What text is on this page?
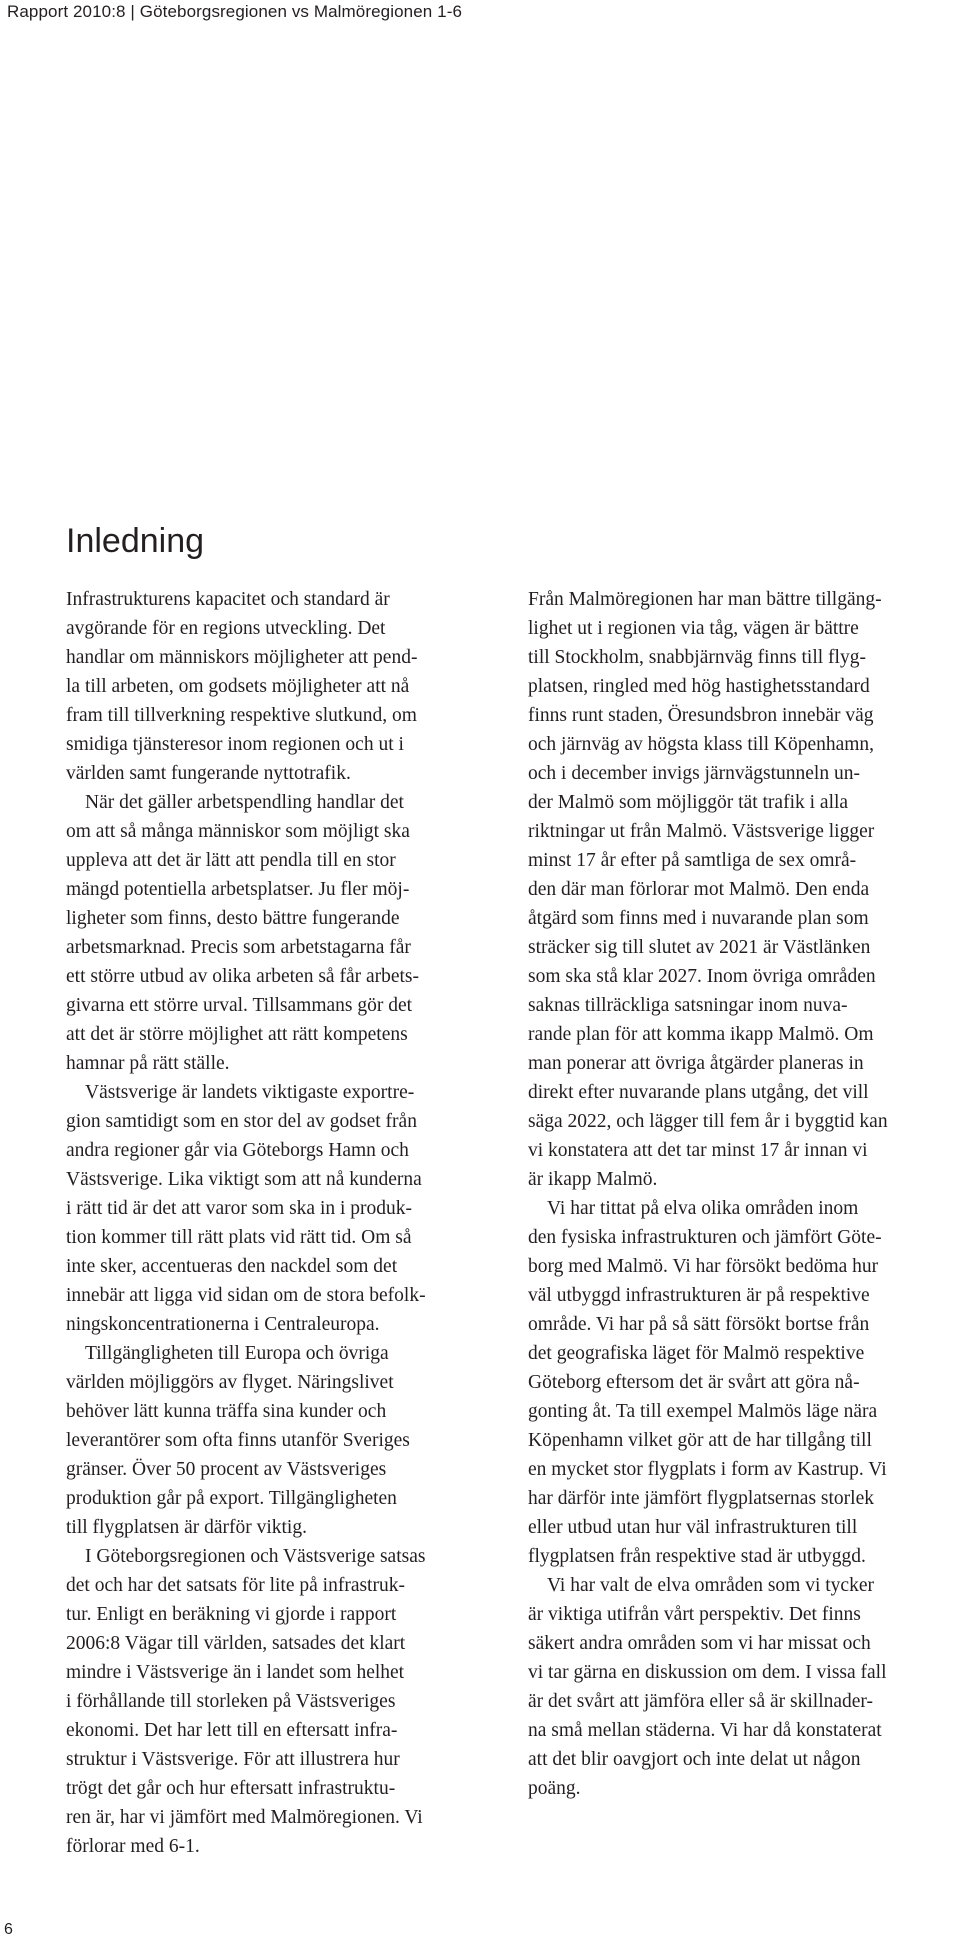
Rapport 2010:8 | Göteborgsregionen vs Malmöregionen 1-6
Inledning
Infrastrukturens kapacitet och standard är
avgörande för en regions utveckling. Det
handlar om människors möjligheter att pend-
la till arbeten, om godsets möjligheter att nå
fram till tillverkning respektive slutkund, om
smidiga tjänsteresor inom regionen och ut i
världen samt fungerande nyttotrafik.
När det gäller arbetspendling handlar det
om att så många människor som möjligt ska
uppleva att det är lätt att pendla till en stor
mängd potentiella arbetsplatser. Ju fler möj-
ligheter som finns, desto bättre fungerande
arbetsmarknad. Precis som arbetstagarna får
ett större utbud av olika arbeten så får arbets-
givarna ett större urval. Tillsammans gör det
att det är större möjlighet att rätt kompetens
hamnar på rätt ställe.
Västsverige är landets viktigaste exportre-
gion samtidigt som en stor del av godset från
andra regioner går via Göteborgs Hamn och
Västsverige. Lika viktigt som att nå kunderna
i rätt tid är det att varor som ska in i produk-
tion kommer till rätt plats vid rätt tid. Om så
inte sker, accentueras den nackdel som det
innebär att ligga vid sidan om de stora befolk-
ningskoncentrationerna i Centraleuropa.
Tillgängligheten till Europa och övriga
världen möjliggörs av flyget. Näringslivet
behöver lätt kunna träffa sina kunder och
leverantörer som ofta finns utanför Sveriges
gränser. Över 50 procent av Västsveriges
produktion går på export. Tillgängligheten
till flygplatsen är därför viktig.
I Göteborgsregionen och Västsverige satsas
det och har det satsats för lite på infrastruk-
tur. Enligt en beräkning vi gjorde i rapport
2006:8 Vägar till världen, satsades det klart
mindre i Västsverige än i landet som helhet
i förhållande till storleken på Västsveriges
ekonomi. Det har lett till en eftersatt infra-
struktur i Västsverige. För att illustrera hur
trögt det går och hur eftersatt infrastruktu-
ren är, har vi jämfört med Malmöregionen. Vi
förlorar med 6-1.
Från Malmöregionen har man bättre tillgäng-
lighet ut i regionen via tåg, vägen är bättre
till Stockholm, snabbjärnväg finns till flyg-
platsen, ringled med hög hastighetsstandard
finns runt staden, Öresundsbron innebär väg
och järnväg av högsta klass till Köpenhamn,
och i december invigs järnvägstunneln un-
der Malmö som möjliggör tät trafik i alla
riktningar ut från Malmö. Västsverige ligger
minst 17 år efter på samtliga de sex områ-
den där man förlorar mot Malmö. Den enda
åtgärd som finns med i nuvarande plan som
sträcker sig till slutet av 2021 är Västlänken
som ska stå klar 2027. Inom övriga områden
saknas tillräckliga satsningar inom nuva-
rande plan för att komma ikapp Malmö. Om
man ponerar att övriga åtgärder planeras in
direkt efter nuvarande plans utgång, det vill
säga 2022, och lägger till fem år i byggtid kan
vi konstatera att det tar minst 17 år innan vi
är ikapp Malmö.
Vi har tittat på elva olika områden inom
den fysiska infrastrukturen och jämfört Göte-
borg med Malmö. Vi har försökt bedöma hur
väl utbyggd infrastrukturen är på respektive
område. Vi har på så sätt försökt bortse från
det geografiska läget för Malmö respektive
Göteborg eftersom det är svårt att göra nå-
gonting åt. Ta till exempel Malmös läge nära
Köpenhamn vilket gör att de har tillgång till
en mycket stor flygplats i form av Kastrup. Vi
har därför inte jämfört flygplatsernas storlek
eller utbud utan hur väl infrastrukturen till
flygplatsen från respektive stad är utbyggd.
Vi har valt de elva områden som vi tycker
är viktiga utifrån vårt perspektiv. Det finns
säkert andra områden som vi har missat och
vi tar gärna en diskussion om dem. I vissa fall
är det svårt att jämföra eller så är skillnader-
na små mellan städerna. Vi har då konstaterat
att det blir oavgjort och inte delat ut någon
poäng.
6
